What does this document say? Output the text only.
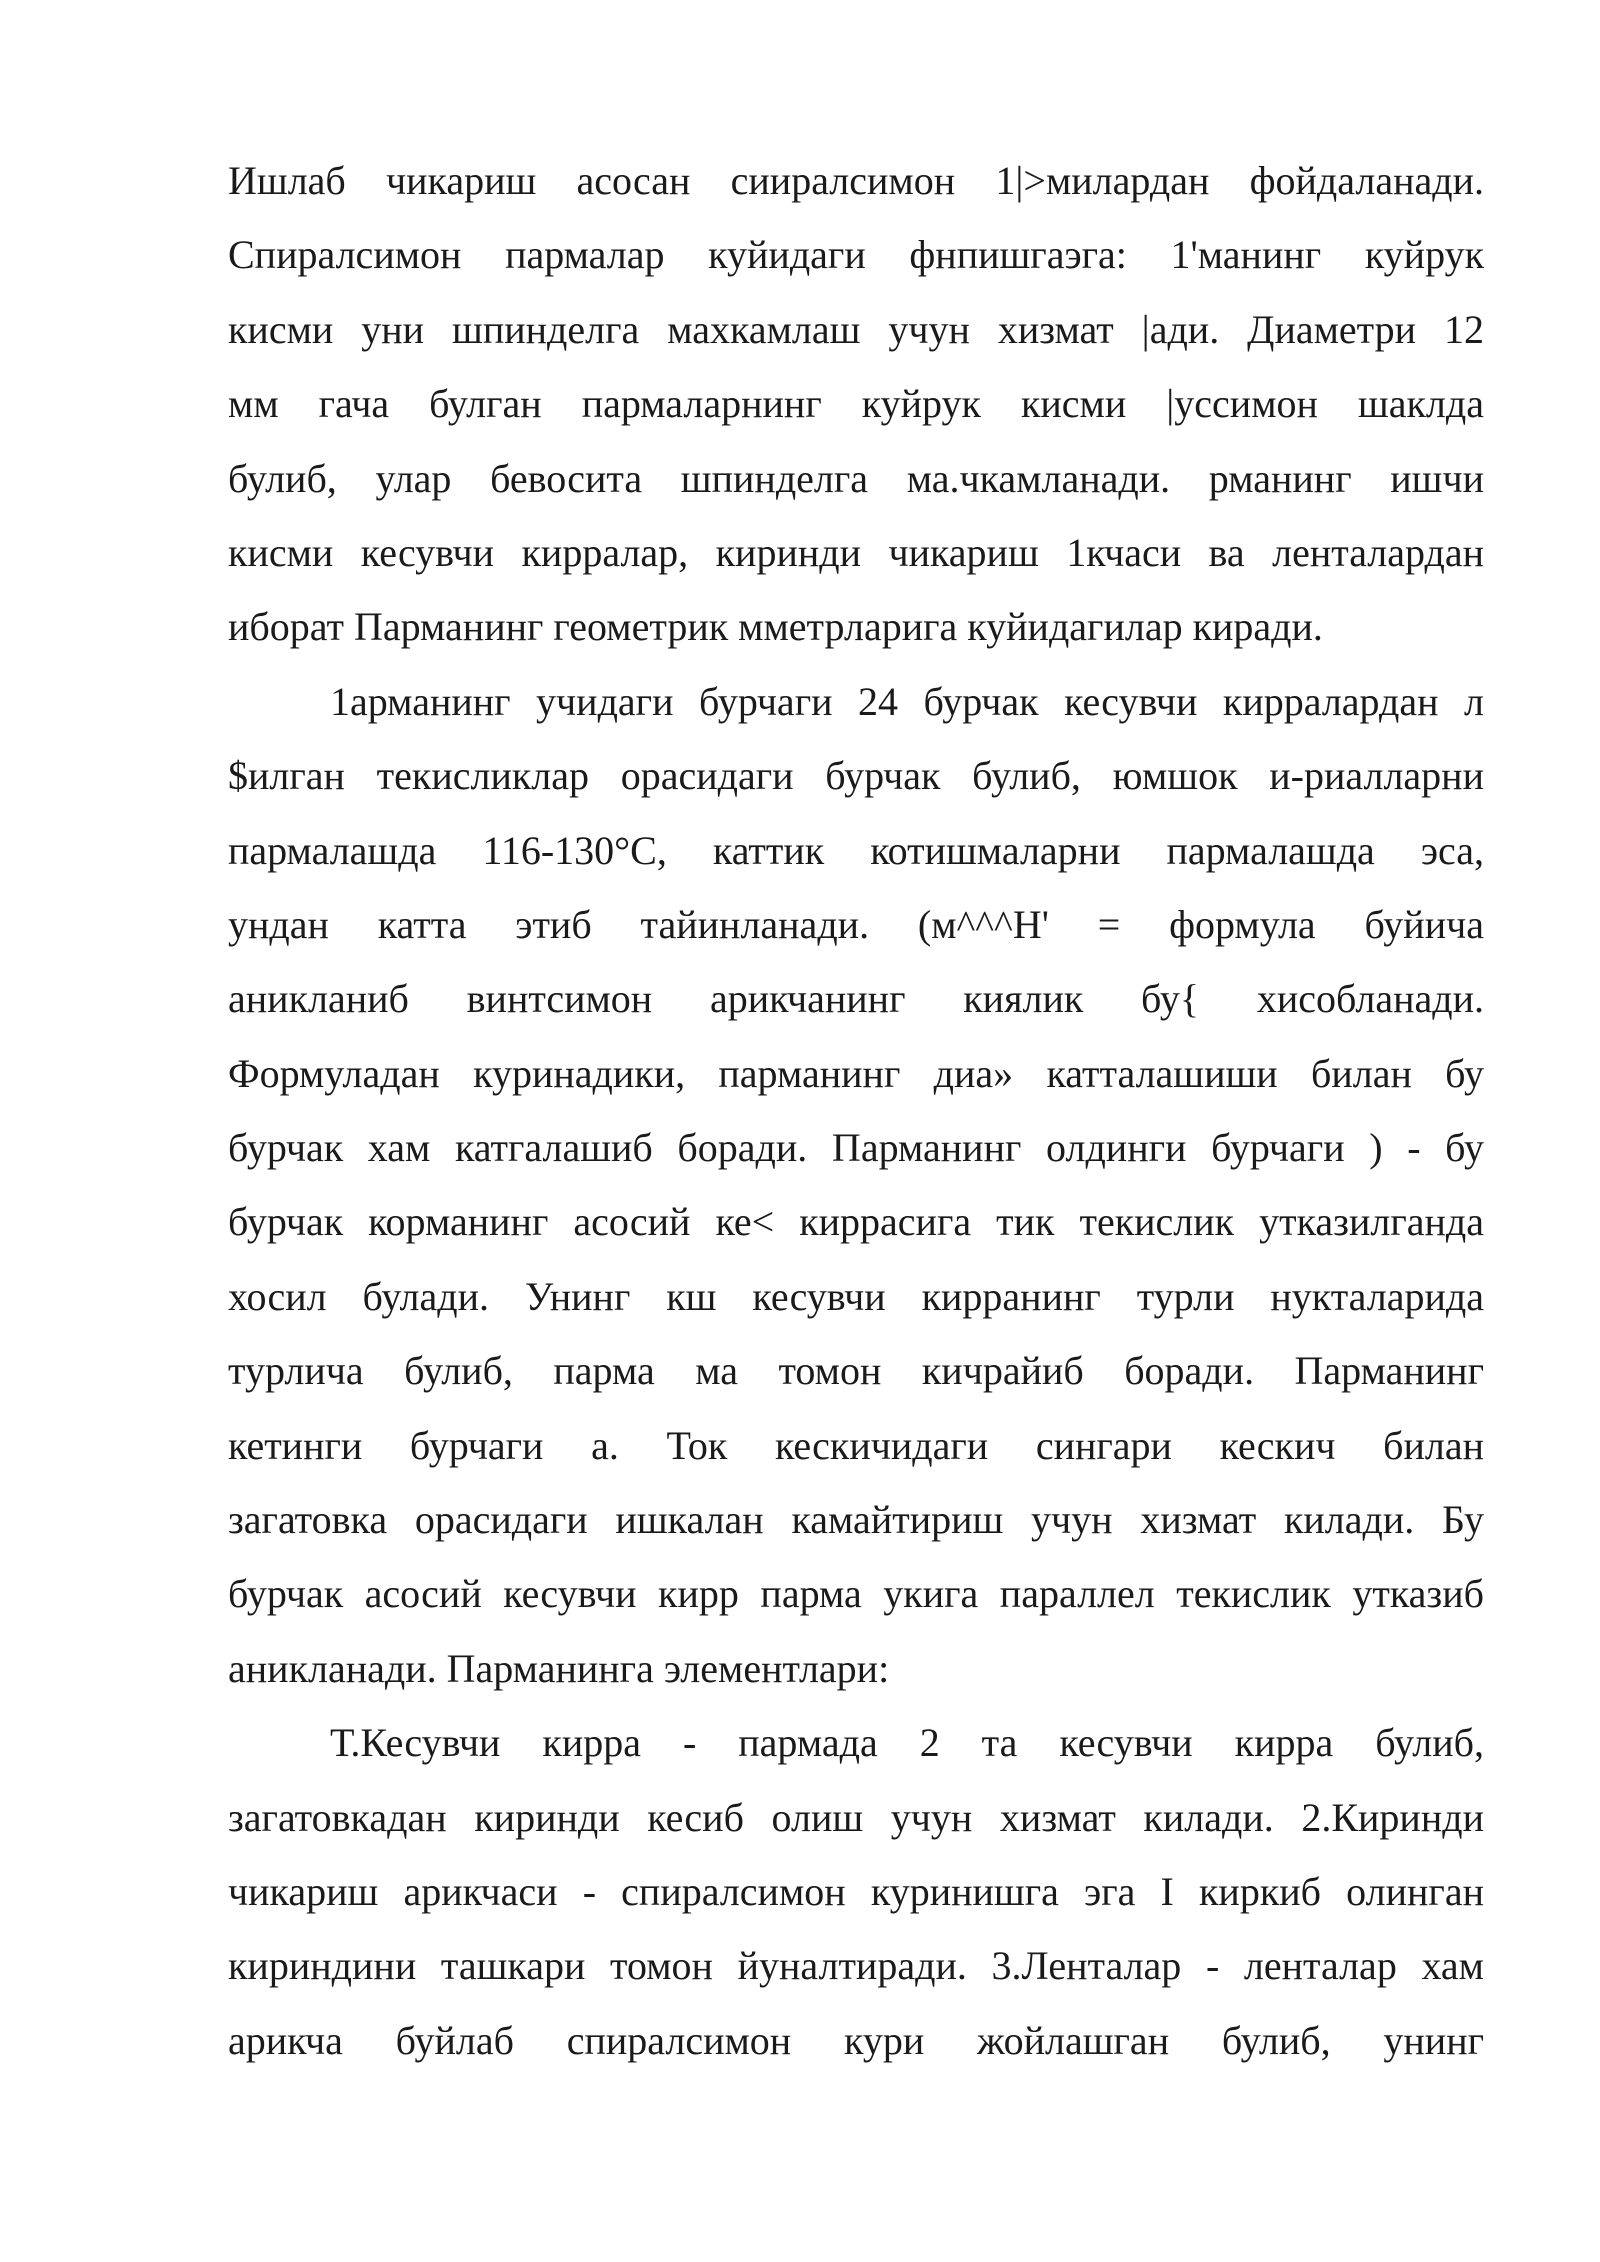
Ишлаб чикариш асосан сииралсимон 1|>милардан фойдаланади.
Спиралсимон пармалар куйидаги фнпишгаэга: 1'манинг куйрук
кисми уни шпинделга махкамлаш учун хизмат |ади. Диаметри 12
мм гача булган пармаларнинг куйрук кисми |уссимон шаклда
булиб, улар бевосита шпинделга ма.чкамланади. рманинг ишчи
кисми кесувчи кирралар, киринди чикариш 1кчаси ва ленталардан
иборат Парманинг геометрик мметрларига куйидагилар киради.
1арманинг учидаги бурчаги 24 бурчак кесувчи кирралардан л
$илган текисликлар орасидаги бурчак булиб, юмшок и-риалларни
пармалашда 116-130°С, каттик котишмаларни пармалашда эса,
ундан катта этиб тайинланади. (м^^^Н' = формула буйича
аникланиб винтсимон арикчанинг киялик бу{ хисобланади.
Формуладан куринадики, парманинг диа» катталашиши билан бу
бурчак хам катгалашиб боради. Парманинг олдинги бурчаги ) - бу
бурчак корманинг асосий ке< киррасига тик текислик утказилганда
хосил булади. Унинг кш кесувчи кирранинг турли нукталарида
турлича булиб, парма ма томон кичрайиб боради. Парманинг
кетинги бурчаги а. Ток кескичидаги сингари кескич билан
загатовка орасидаги ишкалан камайтириш учун хизмат килади. Бу
бурчак асосий кесувчи кирр парма укига параллел текислик утказиб
аникланади. Парманинга элементлари:
Т.Кесувчи кирра - пармада 2 та кесувчи кирра булиб,
загатовкадан киринди кесиб олиш учун хизмат килади. 2.Киринди
чикариш арикчаси - спиралсимон куринишга эга I киркиб олинган
кириндини ташкари томон йуналтиради. 3.Ленталар - ленталар хам
арикча буйлаб спиралсимон кури жойлашган булиб, унинг
